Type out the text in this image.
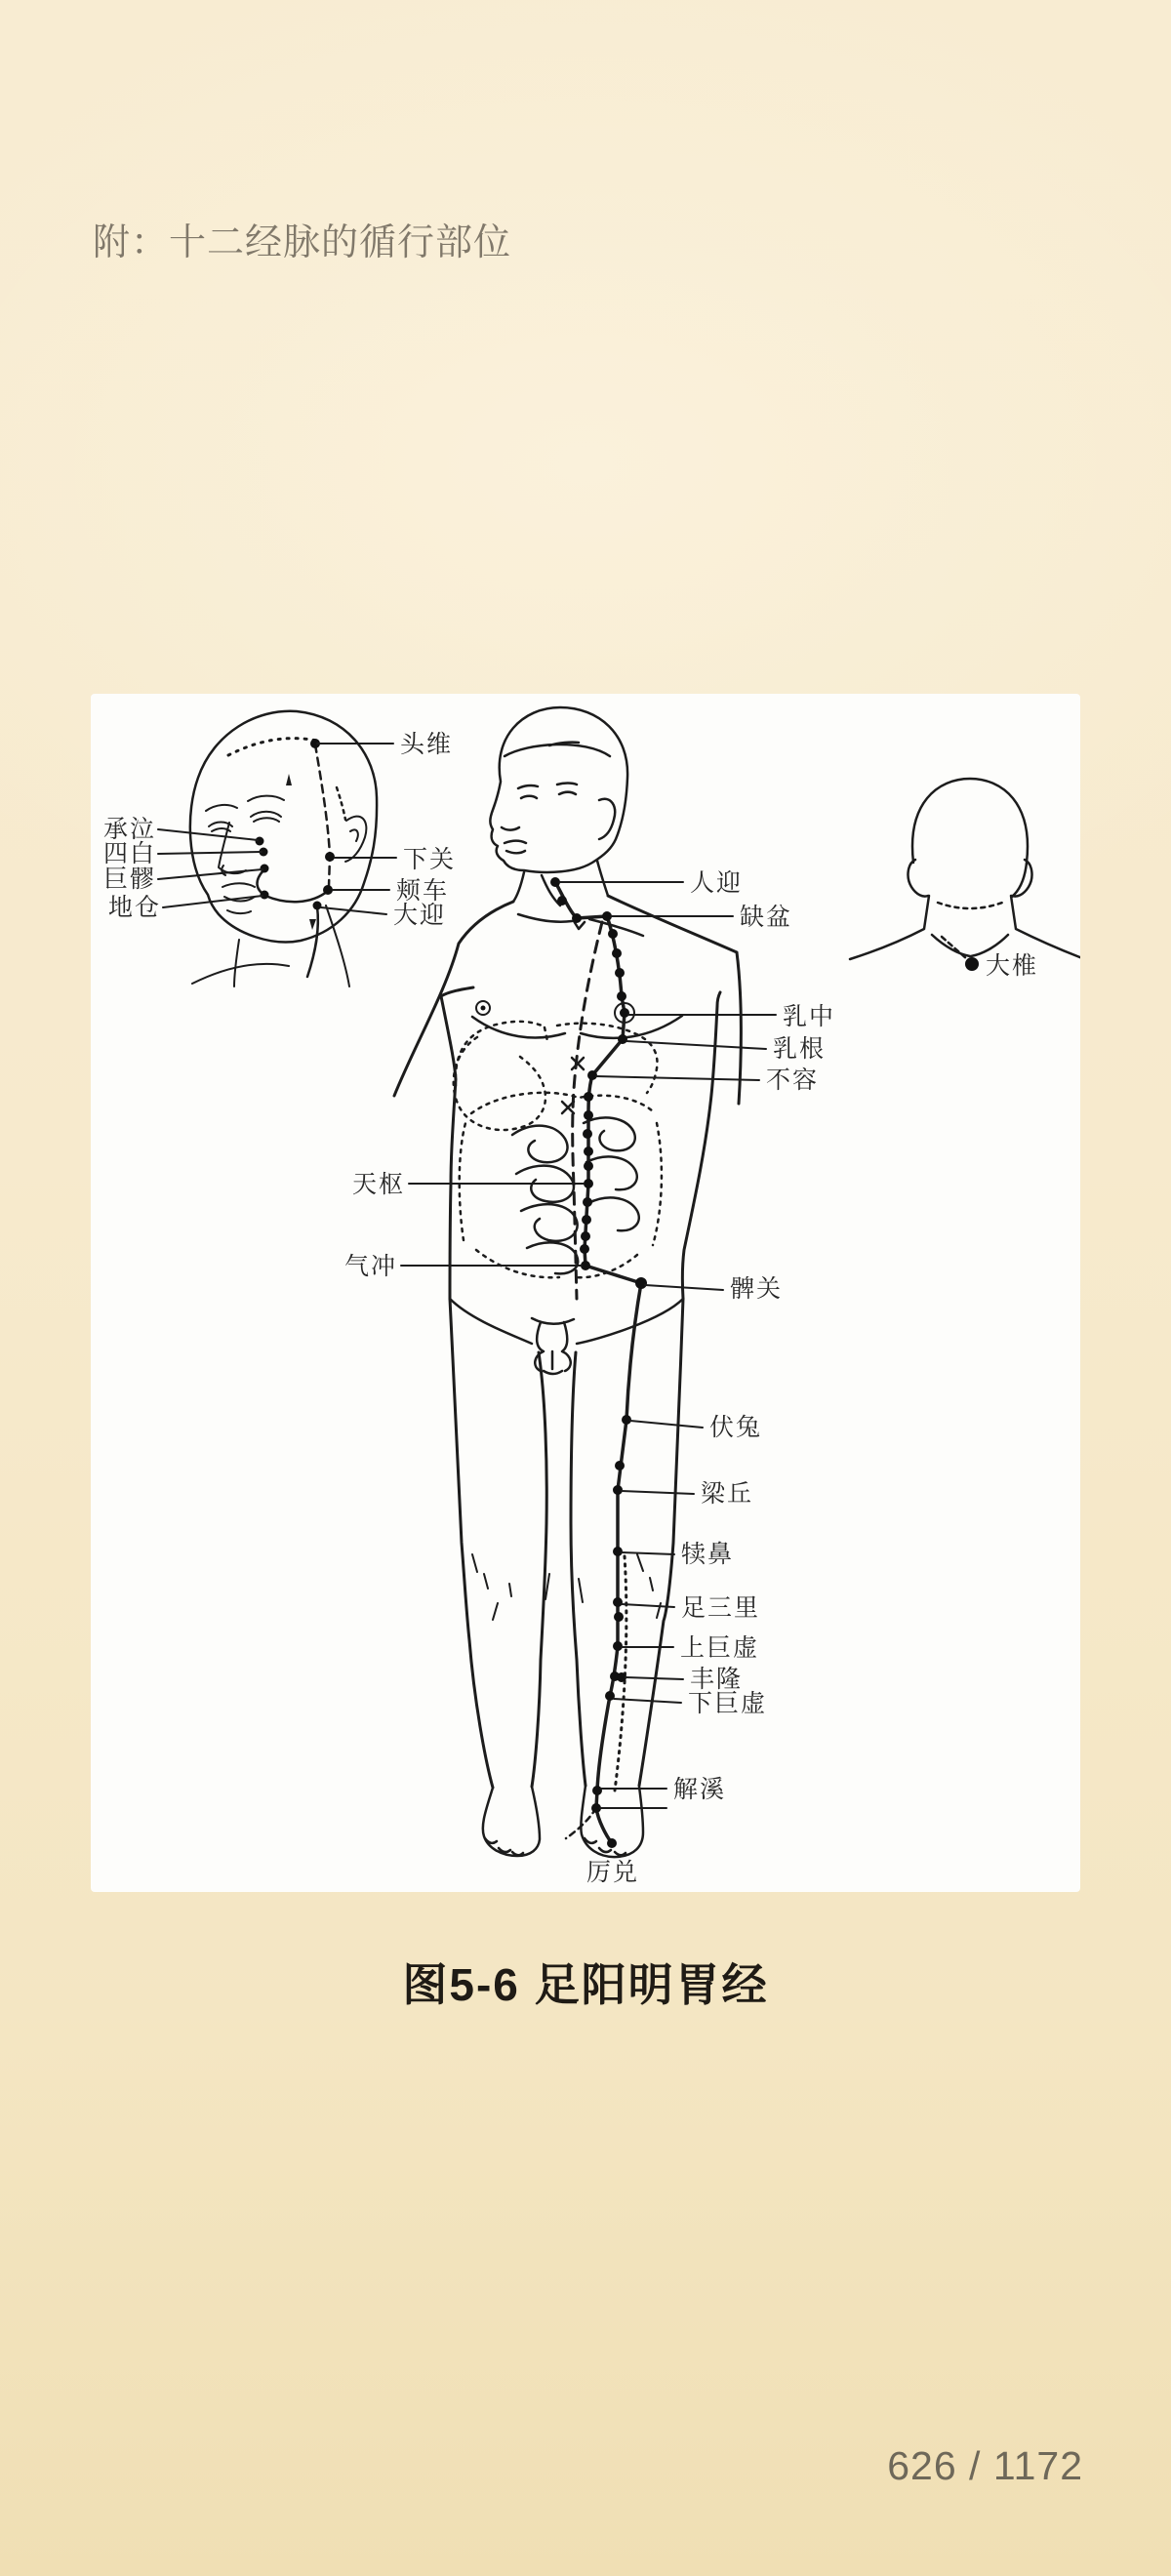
附：十二经脉的循行部位
头维
承泣
四白
巨髎
地仓
下关
颊车
大迎
人迎
缺盆
乳中
乳根
不容
天枢
气冲
髀关
伏兔
梁丘
犊鼻
足三里
上巨虚
丰隆
下巨虚
解溪
厉兑
大椎
图5-6 足阳明胃经
626 / 1172
